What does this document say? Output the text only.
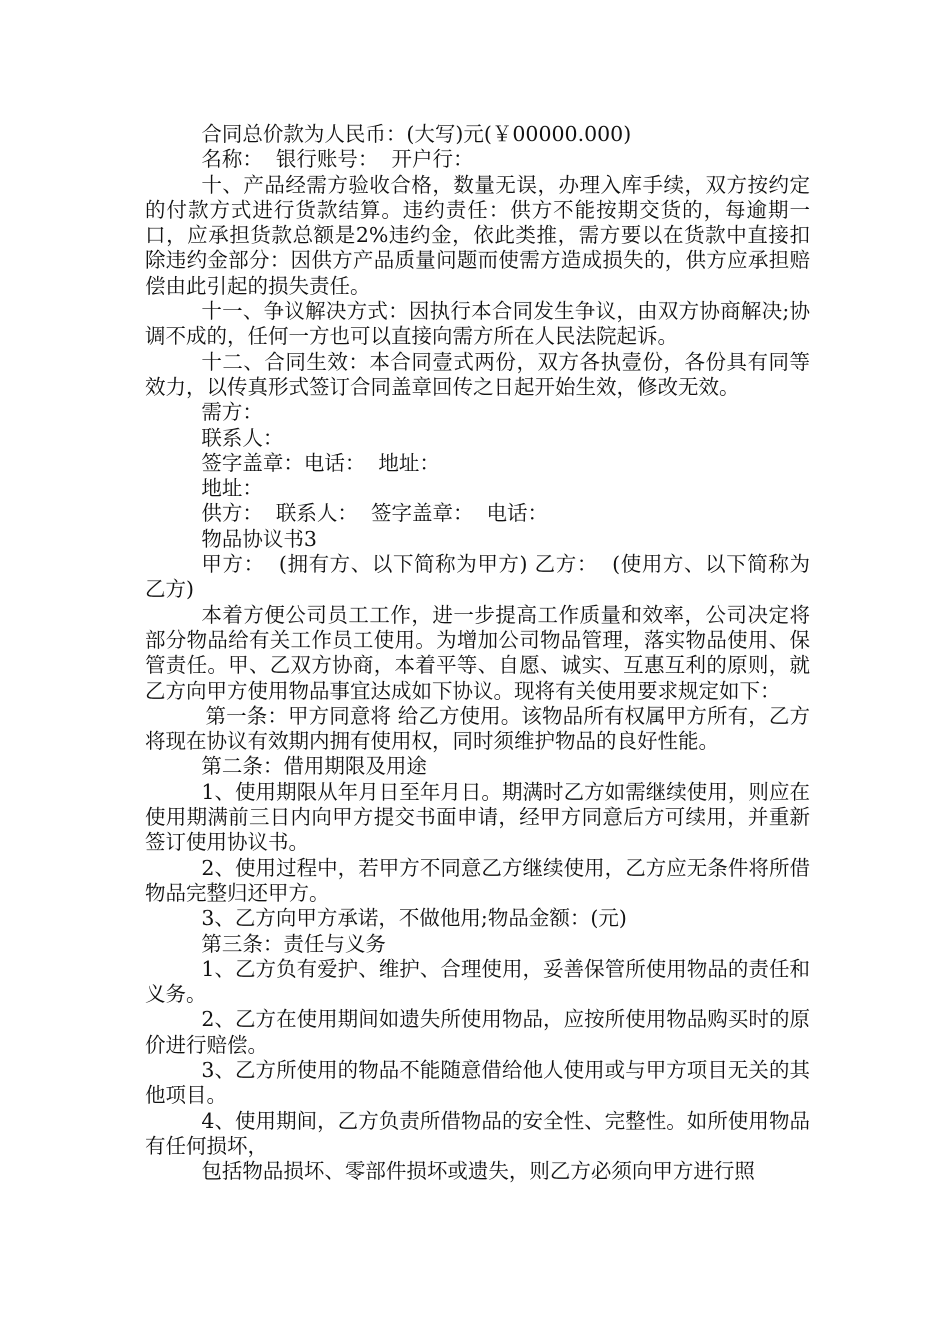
合同总价款为人民币：(大写)元(￥00000.000)

名称：  银行账号：  开户行：

十、产品经需方验收合格，数量无误，办理入库手续，双方按约定的付款方式进行货款结算。违约责任：供方不能按期交货的，每逾期一口，应承担货款总额是2%违约金，依此类推，需方要以在货款中直接扣除违约金部分：因供方产品质量问题而使需方造成损失的，供方应承担赔偿由此引起的损失责任。

十一、争议解决方式：因执行本合同发生争议，由双方协商解决;协调不成的，任何一方也可以直接向需方所在人民法院起诉。

十二、合同生效：本合同壹式两份，双方各执壹份，各份具有同等效力，以传真形式签订合同盖章回传之日起开始生效，修改无效。

需方：

联系人：

签字盖章：电话：  地址：

地址：

供方：  联系人：  签字盖章：  电话：

物品协议书3

甲方：  (拥有方、以下简称为甲方) 乙方：  (使用方、以下简称为乙方)

本着方便公司员工工作，进一步提高工作质量和效率，公司决定将部分物品给有关工作员工使用。为增加公司物品管理，落实物品使用、保管责任。甲、乙双方协商，本着平等、自愿、诚实、互惠互利的原则，就乙方向甲方使用物品事宜达成如下协议。现将有关使用要求规定如下：

第一条：甲方同意将 给乙方使用。该物品所有权属甲方所有，乙方将现在协议有效期内拥有使用权，同时须维护物品的良好性能。

第二条：借用期限及用途

1、使用期限从年月日至年月日。期满时乙方如需继续使用，则应在使用期满前三日内向甲方提交书面申请，经甲方同意后方可续用，并重新签订使用协议书。

2、使用过程中，若甲方不同意乙方继续使用，乙方应无条件将所借物品完整归还甲方。

3、乙方向甲方承诺，不做他用;物品金额：(元)

第三条：责任与义务

1、乙方负有爱护、维护、合理使用，妥善保管所使用物品的责任和义务。

2、乙方在使用期间如遗失所使用物品，应按所使用物品购买时的原价进行赔偿。

3、乙方所使用的物品不能随意借给他人使用或与甲方项目无关的其他项目。

4、使用期间，乙方负责所借物品的安全性、完整性。如所使用物品有任何损坏，

包括物品损坏、零部件损坏或遗失，则乙方必须向甲方进行照
